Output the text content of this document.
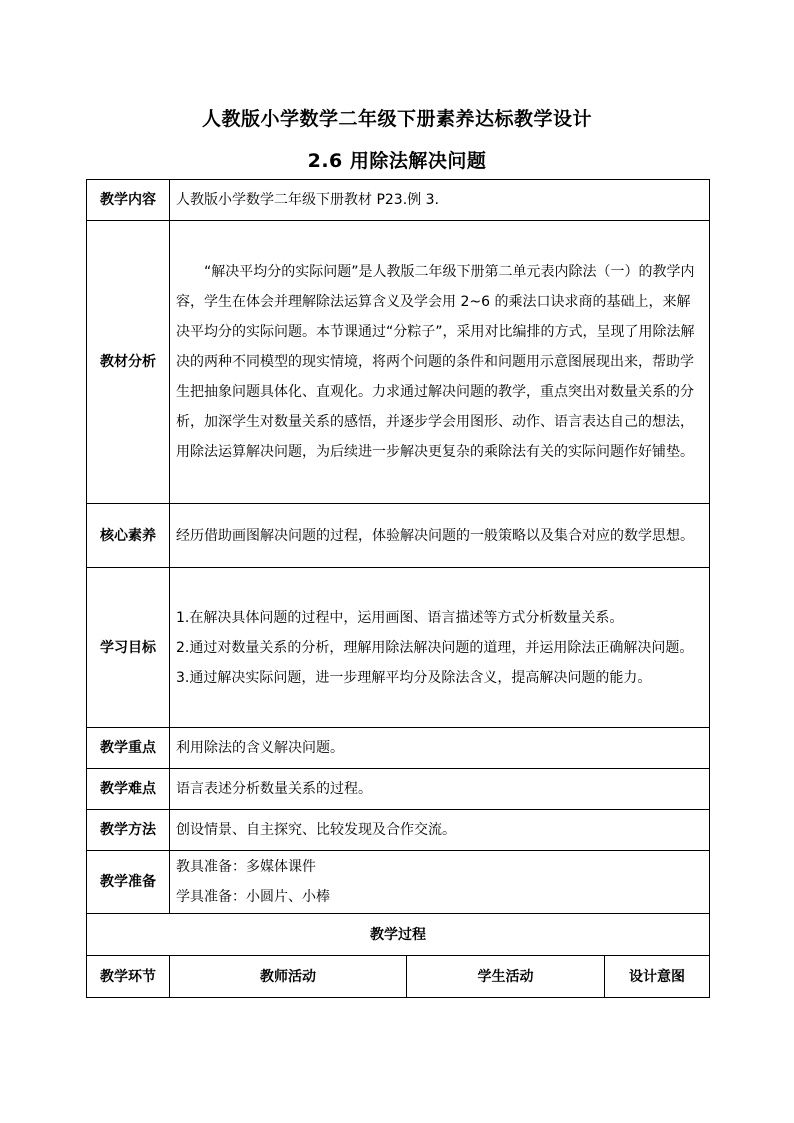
人教版小学数学二年级下册素养达标教学设计
2.6 用除法解决问题
教学内容	人教版小学数学二年级下册教材 P23.例 3.		
教材分析	“解决平均分的实际问题”是人教版二年级下册第二单元表内除法（一）的教学内容，学生在体会并理解除法运算含义及学会用 2~6 的乘法口诀求商的基础上，来解决平均分的实际问题。本节课通过“分粽子”，采用对比编排的方式，呈现了用除法解决的两种不同模型的现实情境，将两个问题的条件和问题用示意图展现出来，帮助学生把抽象问题具体化、直观化。力求通过解决问题的教学，重点突出对数量关系的分析，加深学生对数量关系的感悟，并逐步学会用图形、动作、语言表达自己的想法，用除法运算解决问题，为后续进一步解决更复杂的乘除法有关的实际问题作好铺垫。		
核心素养	经历借助画图解决问题的过程，体验解决问题的一般策略以及集合对应的数学思想。		
学习目标	1.在解决具体问题的过程中，运用画图、语言描述等方式分析数量关系。
2.通过对数量关系的分析，理解用除法解决问题的道理，并运用除法正确解决问题。
3.通过解决实际问题，进一步理解平均分及除法含义，提高解决问题的能力。		

教学重点	利用除法的含义解决问题。		
教学难点	语言表述分析数量关系的过程。		
教学方法	创设情景、自主探究、比较发现及合作交流。		
教学准备	教具准备：多媒体课件
学具准备：小圆片、小棒		

教学过程			
教学环节	教师活动	学生活动	设计意图
